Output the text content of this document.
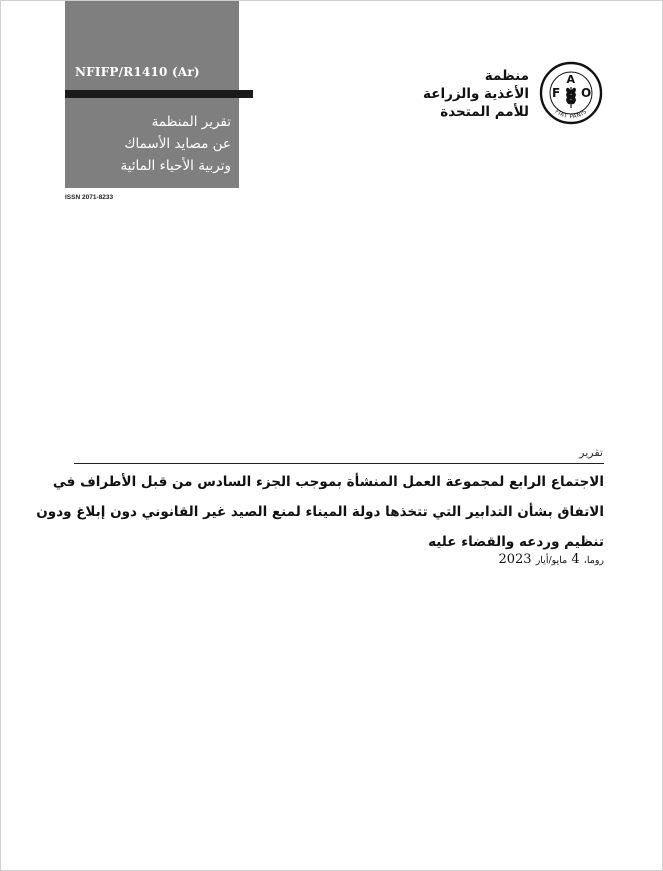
NFIFP/R1410 (Ar)
تقرير المنظمة
عن مصايد الأسماك
وتربية الأحياء المائية
ISSN 2071-8233
F
A
O
FIAT PANIS
منظمة
الأغذية والزراعة
للأمم المتحدة
تقرير
الاجتماع الرابع لمجموعة العمل المنشأة بموجب الجزء السادس من قبل الأطراف في
الاتفاق بشأن التدابير التي تتخذها دولة الميناء لمنع الصيد غير القانوني دون إبلاغ ودون
تنظيم وردعه والقضاء عليه
روما، 4 مايو/أيار 2023
